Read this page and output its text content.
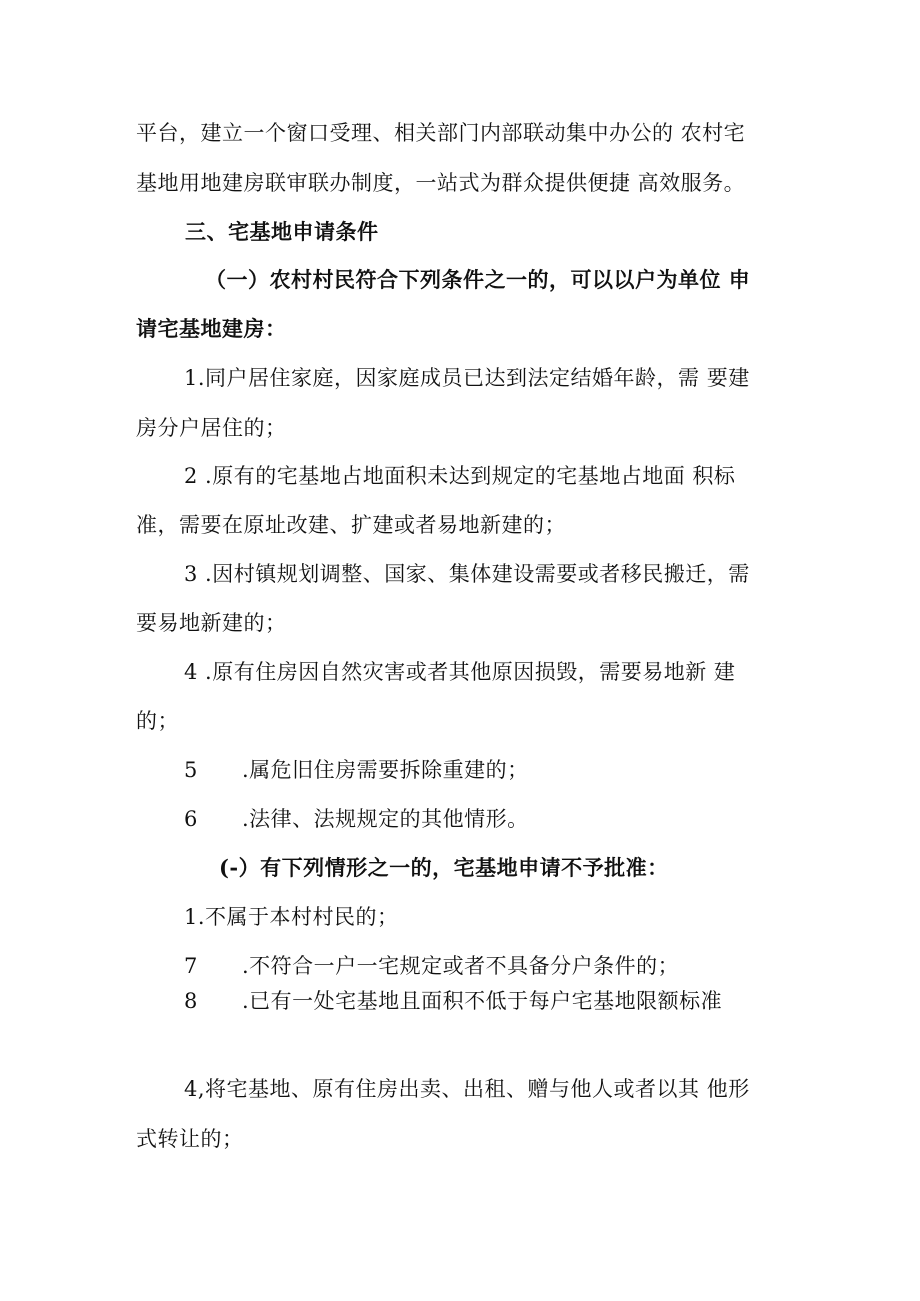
平台，建立一个窗口受理、相关部门内部联动集中办公的 农村宅
基地用地建房联审联办制度，一站式为群众提供便捷 高效服务。
三、宅基地申请条件
（一）农村村民符合下列条件之一的，可以以户为单位 申
请宅基地建房：
1.同户居住家庭，因家庭成员已达到法定结婚年龄，需 要建
房分户居住的；
2 .原有的宅基地占地面积未达到规定的宅基地占地面 积标
准，需要在原址改建、扩建或者易地新建的；
3 .因村镇规划调整、国家、集体建设需要或者移民搬迁，需
要易地新建的；
4 .原有住房因自然灾害或者其他原因损毁，需要易地新 建
的；
5 .属危旧住房需要拆除重建的；
6 .法律、法规规定的其他情形。
(-）有下列情形之一的，宅基地申请不予批准：
1.不属于本村村民的；
7 .不符合一户一宅规定或者不具备分户条件的；
8 .已有一处宅基地且面积不低于每户宅基地限额标准
4,将宅基地、原有住房出卖、出租、赠与他人或者以其 他形
式转让的；
